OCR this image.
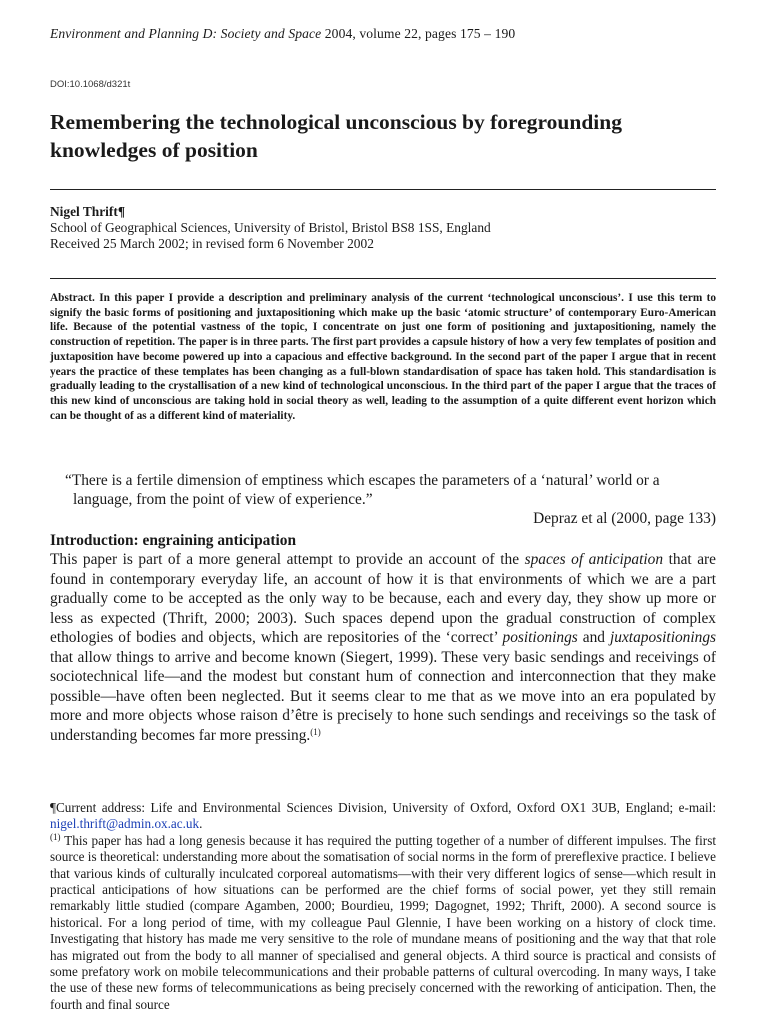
Environment and Planning D: Society and Space 2004, volume 22, pages 175 – 190
DOI:10.1068/d321t
Remembering the technological unconscious by foregrounding knowledges of position
Nigel Thrift¶
School of Geographical Sciences, University of Bristol, Bristol BS8 1SS, England
Received 25 March 2002; in revised form 6 November 2002

Abstract. In this paper I provide a description and preliminary analysis of the current ‘technological unconscious’. I use this term to signify the basic forms of positioning and juxtapositioning which make up the basic ‘atomic structure’ of contemporary Euro-American life. Because of the potential vastness of the topic, I concentrate on just one form of positioning and juxtapositioning, namely the construction of repetition. The paper is in three parts. The first part provides a capsule history of how a very few templates of position and juxtaposition have become powered up into a capacious and effective background. In the second part of the paper I argue that in recent years the practice of these templates has been changing as a full-blown standardisation of space has taken hold. This standardisation is gradually leading to the crystallisation of a new kind of technological unconscious. In the third part of the paper I argue that the traces of this new kind of unconscious are taking hold in social theory as well, leading to the assumption of a quite different event horizon which can be thought of as a different kind of materiality.

“There is a fertile dimension of emptiness which escapes the parameters of a ‘natural’ world or a language, from the point of view of experience.”
Depraz et al (2000, page 133)
Introduction: engraining anticipation

This paper is part of a more general attempt to provide an account of the spaces of anticipation that are found in contemporary everyday life, an account of how it is that environments of which we are a part gradually come to be accepted as the only way to be because, each and every day, they show up more or less as expected (Thrift, 2000; 2003). Such spaces depend upon the gradual construction of complex ethologies of bodies and objects, which are repositories of the ‘correct’ positionings and juxtapositionings that allow things to arrive and become known (Siegert, 1999). These very basic sendings and receivings of sociotechnical life—and the modest but constant hum of connection and interconnection that they make possible—have often been neglected. But it seems clear to me that as we move into an era populated by more and more objects whose raison d’être is precisely to hone such sendings and receivings so the task of understanding becomes far more pressing.$^{(1)}$

¶Current address: Life and Environmental Sciences Division, University of Oxford, Oxford OX1 3UB, England; e-mail: nigel.thrift@admin.ox.ac.uk.

$^{(1)}$ This paper has had a long genesis because it has required the putting together of a number of different impulses. The first source is theoretical: understanding more about the somatisation of social norms in the form of prereflexive practice. I believe that various kinds of culturally inculcated corporeal automatisms—with their very different logics of sense—which result in practical anticipations of how situations can be performed are the chief forms of social power, yet they still remain remarkably little studied (compare Agamben, 2000; Bourdieu, 1999; Dagognet, 1992; Thrift, 2000). A second source is historical. For a long period of time, with my colleague Paul Glennie, I have been working on a history of clock time. Investigating that history has made me very sensitive to the role of mundane means of positioning and the way that that role has migrated out from the body to all manner of specialised and general objects. A third source is practical and consists of some prefatory work on mobile telecommunications and their probable patterns of cultural overcoding. In many ways, I take the use of these new forms of telecommunications as being precisely concerned with the reworking of anticipation. Then, the fourth and final source
